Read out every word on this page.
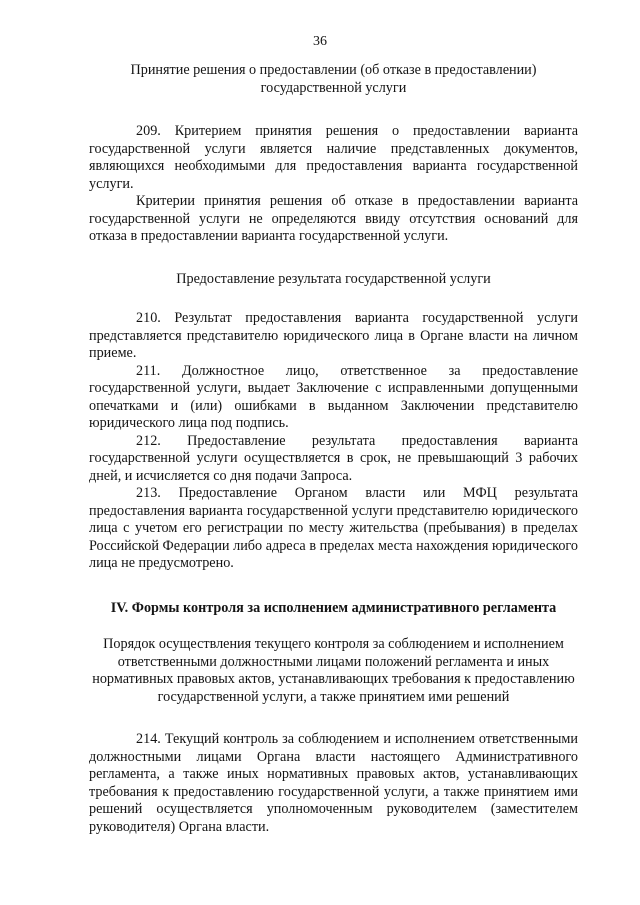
36

Принятие решения о предоставлении (об отказе в предоставлении) государственной услуги

209. Критерием принятия решения о предоставлении варианта государственной услуги является наличие представленных документов, являющихся необходимыми для предоставления варианта государственной услуги.

Критерии принятия решения об отказе в предоставлении варианта государственной услуги не определяются ввиду отсутствия оснований для отказа в предоставлении варианта государственной услуги.

Предоставление результата государственной услуги

210. Результат предоставления варианта государственной услуги представляется представителю юридического лица в Органе власти на личном приеме.

211. Должностное лицо, ответственное за предоставление государственной услуги, выдает Заключение с исправленными допущенными опечатками и (или) ошибками в выданном Заключении представителю юридического лица под подпись.

212. Предоставление результата предоставления варианта государственной услуги осуществляется в срок, не превышающий 3 рабочих дней, и исчисляется со дня подачи Запроса.

213. Предоставление Органом власти или МФЦ результата предоставления варианта государственной услуги представителю юридического лица с учетом его регистрации по месту жительства (пребывания) в пределах Российской Федерации либо адреса в пределах места нахождения юридического лица не предусмотрено.

IV. Формы контроля за исполнением административного регламента

Порядок осуществления текущего контроля за соблюдением и исполнением ответственными должностными лицами положений регламента и иных нормативных правовых актов, устанавливающих требования к предоставлению государственной услуги, а также принятием ими решений

214. Текущий контроль за соблюдением и исполнением ответственными должностными лицами Органа власти настоящего Административного регламента, а также иных нормативных правовых актов, устанавливающих требования к предоставлению государственной услуги, а также принятием ими решений осуществляется уполномоченным руководителем (заместителем руководителя) Органа власти.
